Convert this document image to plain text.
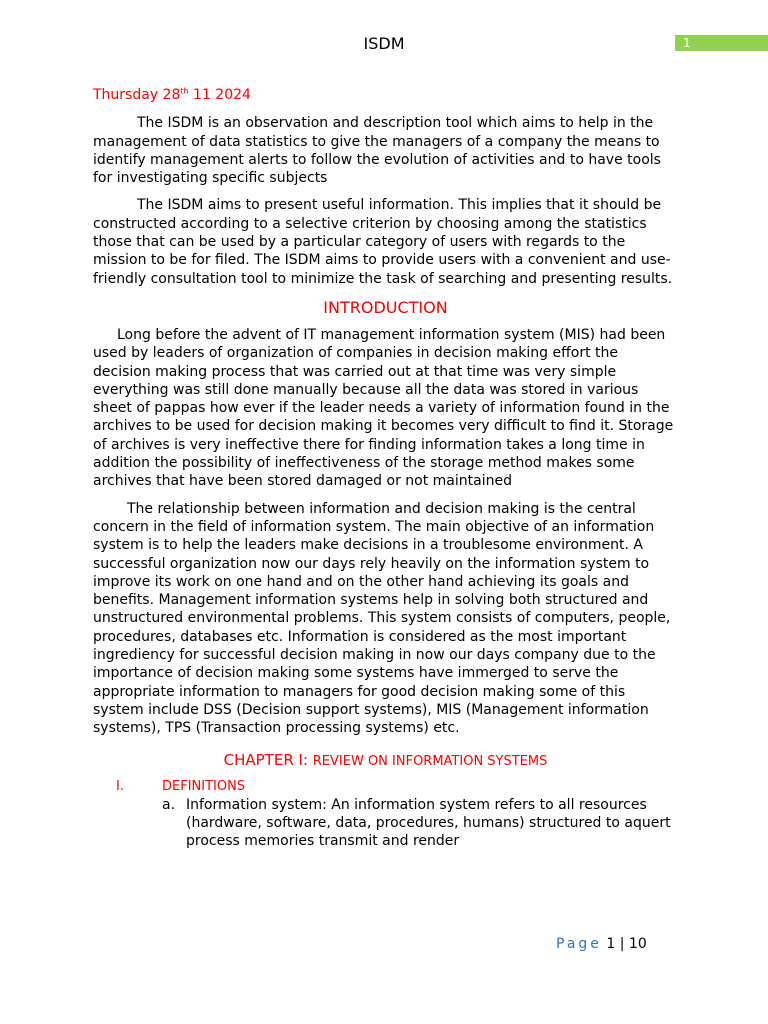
ISDM	1

Thursday 28th 11 2024

The ISDM is an observation and description tool which aims to help in the management of data statistics to give the managers of a company the means to identify management alerts to follow the evolution of activities and to have tools for investigating specific subjects

The ISDM aims to present useful information. This implies that it should be constructed according to a selective criterion by choosing among the statistics those that can be used by a particular category of users with regards to the mission to be for filed. The ISDM aims to provide users with a convenient and use- friendly consultation tool to minimize the task of searching and presenting results.

INTRODUCTION

Long before the advent of IT management information system (MIS) had been used by leaders of organization of companies in decision making effort the decision making process that was carried out at that time was very simple everything was still done manually because all the data was stored in various sheet of pappas how ever if the leader needs a variety of information found in the archives to be used for decision making it becomes very difficult to find it. Storage of archives is very ineffective there for finding information takes a long time in addition the possibility of ineffectiveness of the storage method makes some archives that have been stored damaged or not maintained

The relationship between information and decision making is the central concern in the field of information system. The main objective of an information system is to help the leaders make decisions in a troublesome environment. A successful organization now our days rely heavily on the information system to improve its work on one hand and on the other hand achieving its goals and benefits. Management information systems help in solving both structured and unstructured environmental problems. This system consists of computers, people, procedures, databases etc. Information is considered as the most important ingrediency for successful decision making in now our days company due to the importance of decision making some systems have immerged to serve the appropriate information to managers for good decision making some of this system include DSS (Decision support systems), MIS (Management information systems), TPS (Transaction processing systems) etc.

CHAPTER I: REVIEW ON INFORMATION SYSTEMS
I.	DEFINITIONS
a. Information system: An information system refers to all resources (hardware, software, data, procedures, humans) structured to aquert process memories transmit and render
Page 1 | 10
